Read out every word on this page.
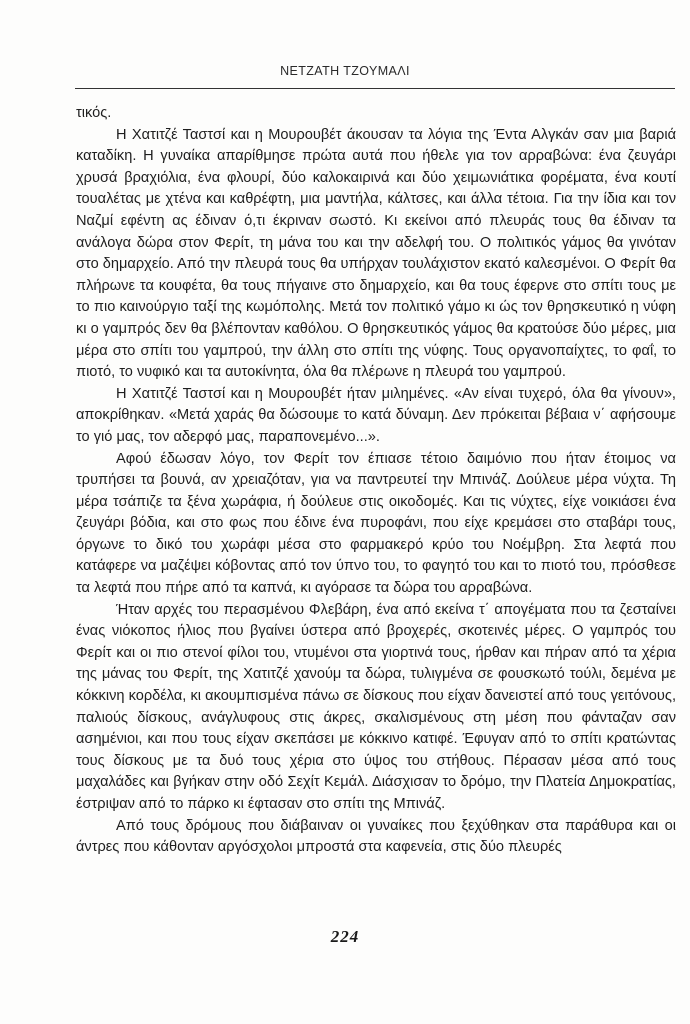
ΝΕΤΖΑΤΗ ΤΖΟΥΜΑΛΙ

τικός.

Η Χατιτζέ Ταστσί και η Μουρουβέτ άκουσαν τα λόγια της Έντα Αλγκάν σαν μια βαριά καταδίκη. Η γυναίκα απαρίθμησε πρώτα αυτά που ήθελε για τον αρραβώνα: ένα ζευγάρι χρυσά βραχιόλια, ένα φλουρί, δύο καλοκαιρινά και δύο χειμωνιάτικα φορέματα, ένα κουτί τουαλέτας με χτένα και καθρέφτη, μια μαντήλα, κάλτσες, και άλλα τέτοια. Για την ίδια και τον Ναζμί εφέντη ας έδιναν ό,τι έκριναν σωστό. Κι εκείνοι από πλευράς τους θα έδιναν τα ανάλογα δώρα στον Φερίτ, τη μάνα του και την αδελφή του. Ο πολιτικός γάμος θα γινόταν στο δημαρχείο. Από την πλευρά τους θα υπήρχαν τουλάχιστον εκατό καλεσμένοι. Ο Φερίτ θα πλήρωνε τα κουφέτα, θα τους πήγαινε στο δημαρχείο, και θα τους έφερνε στο σπίτι τους με το πιο καινούργιο ταξί της κωμόπολης. Μετά τον πολιτικό γάμο κι ώς τον θρησκευτικό η νύφη κι ο γαμπρός δεν θα βλέπονταν καθόλου. Ο θρησκευτικός γάμος θα κρατούσε δύο μέρες, μια μέρα στο σπίτι του γαμπρού, την άλλη στο σπίτι της νύφης. Τους οργανοπαίχτες, το φαΐ, το πιοτό, το νυφικό και τα αυτοκίνητα, όλα θα πλέρωνε η πλευρά του γαμπρού.

Η Χατιτζέ Ταστσί και η Μουρουβέτ ήταν μιλημένες. «Αν είναι τυχερό, όλα θα γίνουν», αποκρίθηκαν. «Μετά χαράς θα δώσουμε το κατά δύναμη. Δεν πρόκειται βέβαια ν΄ αφήσουμε το γιό μας, τον αδερφό μας, παραπονεμένο...».

Αφού έδωσαν λόγο, τον Φερίτ τον έπιασε τέτοιο δαιμόνιο που ήταν έτοιμος να τρυπήσει τα βουνά, αν χρειαζόταν, για να παντρευτεί την Μπινάζ. Δούλευε μέρα νύχτα. Τη μέρα τσάπιζε τα ξένα χωράφια, ή δούλευε στις οικοδομές. Και τις νύχτες, είχε νοικιάσει ένα ζευγάρι βόδια, και στο φως που έδινε ένα πυροφάνι, που είχε κρεμάσει στο σταβάρι τους, όργωνε το δικό του χωράφι μέσα στο φαρμακερό κρύο του Νοέμβρη. Στα λεφτά που κατάφερε να μαζέψει κόβοντας από τον ύπνο του, το φαγητό του και το πιοτό του, πρόσθεσε τα λεφτά που πήρε από τα καπνά, κι αγόρασε τα δώρα του αρραβώνα.

Ήταν αρχές του περασμένου Φλεβάρη, ένα από εκείνα τ΄ απογέματα που τα ζεσταίνει ένας νιόκοπος ήλιος που βγαίνει ύστερα από βροχερές, σκοτεινές μέρες. Ο γαμπρός του Φερίτ και οι πιο στενοί φίλοι του, ντυμένοι στα γιορτινά τους, ήρθαν και πήραν από τα χέρια της μάνας του Φερίτ, της Χατιτζέ χανούμ τα δώρα, τυλιγμένα σε φουσκωτό τούλι, δεμένα με κόκκινη κορδέλα, κι ακουμπισμένα πάνω σε δίσκους που είχαν δανειστεί από τους γειτόνους, παλιούς δίσκους, ανάγλυφους στις άκρες, σκαλισμένους στη μέση που φάνταζαν σαν ασημένιοι, και που τους είχαν σκεπάσει με κόκκινο κατιφέ. Έφυγαν από το σπίτι κρατώντας τους δίσκους με τα δυό τους χέρια στο ύψος του στήθους. Πέρασαν μέσα από τους μαχαλάδες και βγήκαν στην οδό Σεχίτ Κεμάλ. Διάσχισαν το δρόμο, την Πλατεία Δημοκρατίας, έστριψαν από το πάρκο κι έφτασαν στο σπίτι της Μπινάζ.

Από τους δρόμους που διάβαιναν οι γυναίκες που ξεχύθηκαν στα παράθυρα και οι άντρες που κάθονταν αργόσχολοι μπροστά στα καφενεία, στις δύο πλευρές

224
